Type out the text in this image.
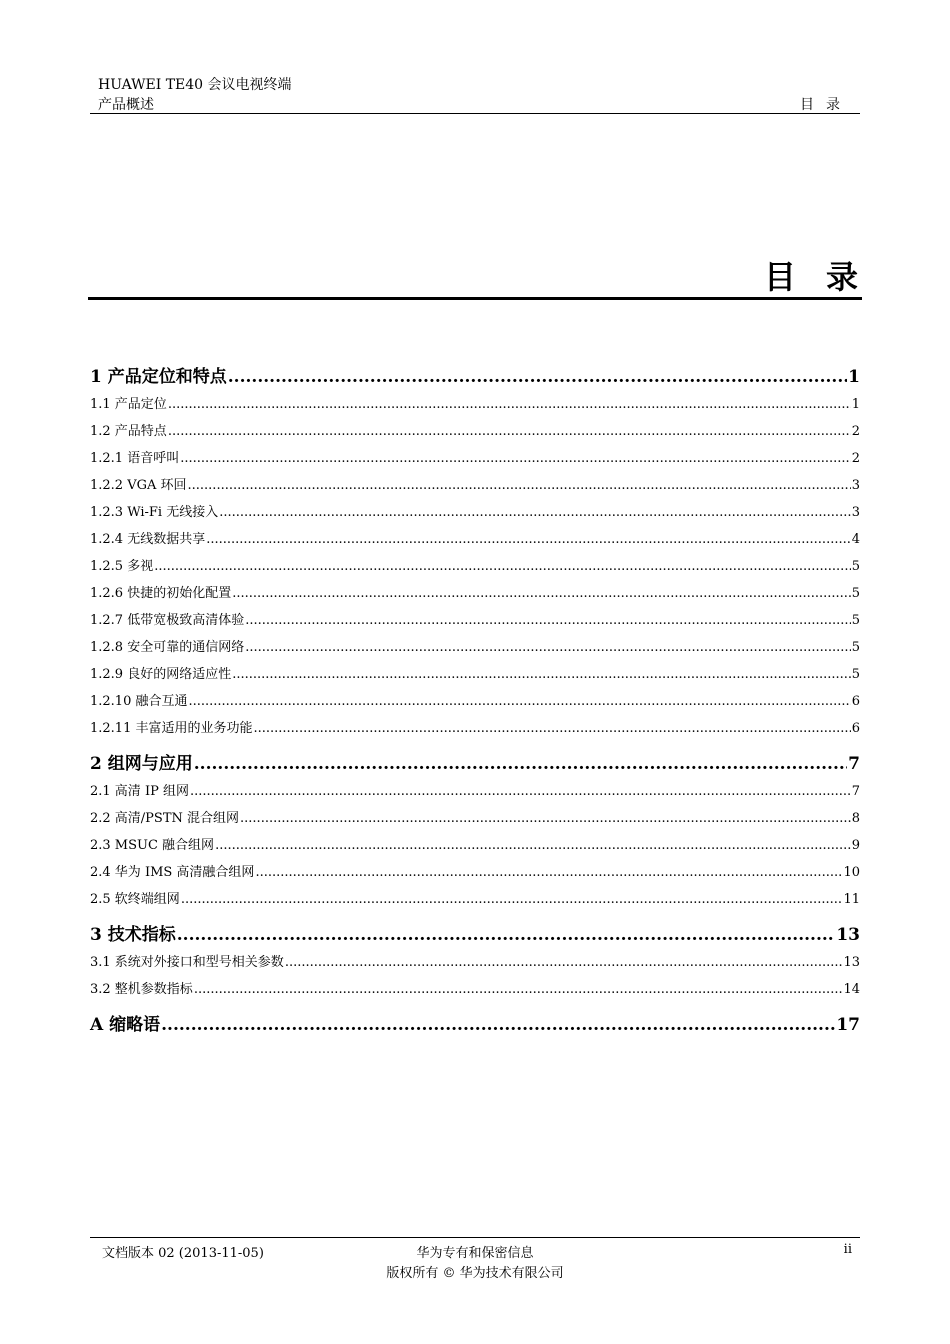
HUAWEI TE40 会议电视终端
产品概述	目录
目录
1 产品定位和特点 .....	1
1.1 产品定位 .....	1
1.2 产品特点 .....	2
1.2.1 语音呼叫 .....	2
1.2.2 VGA 环回 .....	3
1.2.3 Wi-Fi 无线接入 .....	3
1.2.4 无线数据共享 .....	4
1.2.5 多视 .....	5
1.2.6 快捷的初始化配置 .....	5
1.2.7 低带宽极致高清体验 .....	5
1.2.8 安全可靠的通信网络 .....	5
1.2.9 良好的网络适应性 .....	5
1.2.10 融合互通 .....	6
1.2.11 丰富适用的业务功能 .....	6
2 组网与应用 .....	7
2.1 高清 IP 组网 .....	7
2.2 高清/PSTN 混合组网 .....	8
2.3 MSUC 融合组网 .....	9
2.4 华为 IMS 高清融合组网 .....	10
2.5 软终端组网 .....	11
3 技术指标 .....	13
3.1 系统对外接口和型号相关参数 .....	13
3.2 整机参数指标 .....	14
A 缩略语 .....	17
文档版本 02 (2013-11-05)	华为专有和保密信息
版权所有 © 华为技术有限公司
ii
